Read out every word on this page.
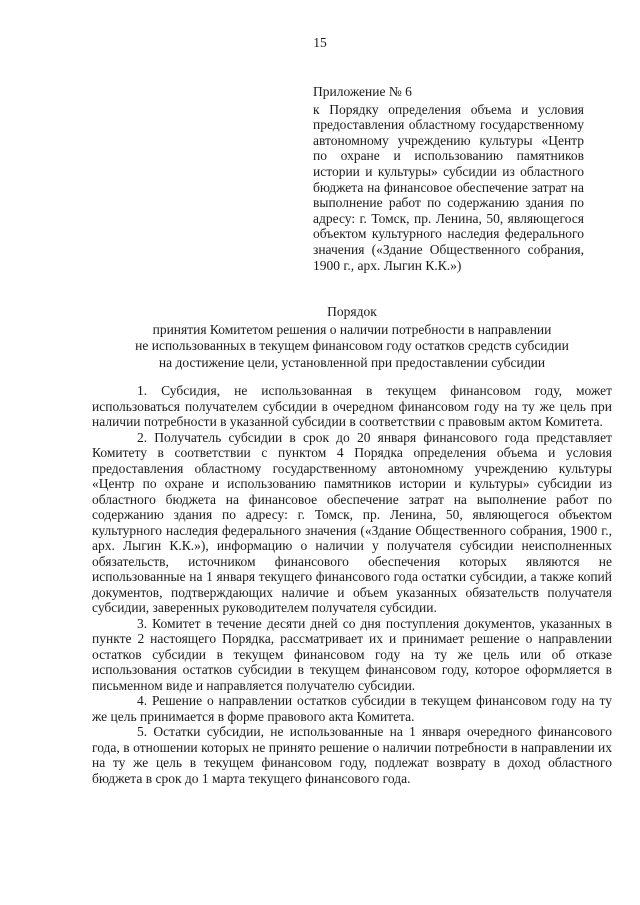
15

Приложение № 6

к Порядку определения объема и условия предоставления областному государственному автономному учреждению культуры «Центр по охране и использованию памятников истории и культуры» субсидии из областного бюджета на финансовое обеспечение затрат на выполнение работ по содержанию здания по адресу: г. Томск, пр. Ленина, 50, являющегося объектом культурного наследия федерального значения («Здание Общественного собрания, 1900 г., арх. Лыгин К.К.»)

Порядок

принятия Комитетом решения о наличии потребности в направлении

не использованных в текущем финансовом году остатков средств субсидии

на достижение цели, установленной при предоставлении субсидии

1. Субсидия, не использованная в текущем финансовом году, может использоваться получателем субсидии в очередном финансовом году на ту же цель при наличии потребности в указанной субсидии в соответствии с правовым актом Комитета.

2. Получатель субсидии в срок до 20 января финансового года представляет Комитету в соответствии с пунктом 4 Порядка определения объема и условия предоставления областному государственному автономному учреждению культуры «Центр по охране и использованию памятников истории и культуры» субсидии из областного бюджета на финансовое обеспечение затрат на выполнение работ по содержанию здания по адресу: г. Томск, пр. Ленина, 50, являющегося объектом культурного наследия федерального значения («Здание Общественного собрания, 1900 г., арх. Лыгин К.К.»), информацию о наличии у получателя субсидии неисполненных обязательств, источником финансового обеспечения которых являются не использованные на 1 января текущего финансового года остатки субсидии, а также копий документов, подтверждающих наличие и объем указанных обязательств получателя субсидии, заверенных руководителем получателя субсидии.

3. Комитет в течение десяти дней со дня поступления документов, указанных в пункте 2 настоящего Порядка, рассматривает их и принимает решение о направлении остатков субсидии в текущем финансовом году на ту же цель или об отказе использования остатков субсидии в текущем финансовом году, которое оформляется в письменном виде и направляется получателю субсидии.

4. Решение о направлении остатков субсидии в текущем финансовом году на ту же цель принимается в форме правового акта Комитета.

5. Остатки субсидии, не использованные на 1 января очередного финансового года, в отношении которых не принято решение о наличии потребности в направлении их на ту же цель в текущем финансовом году, подлежат возврату в доход областного бюджета в срок до 1 марта текущего финансового года.
